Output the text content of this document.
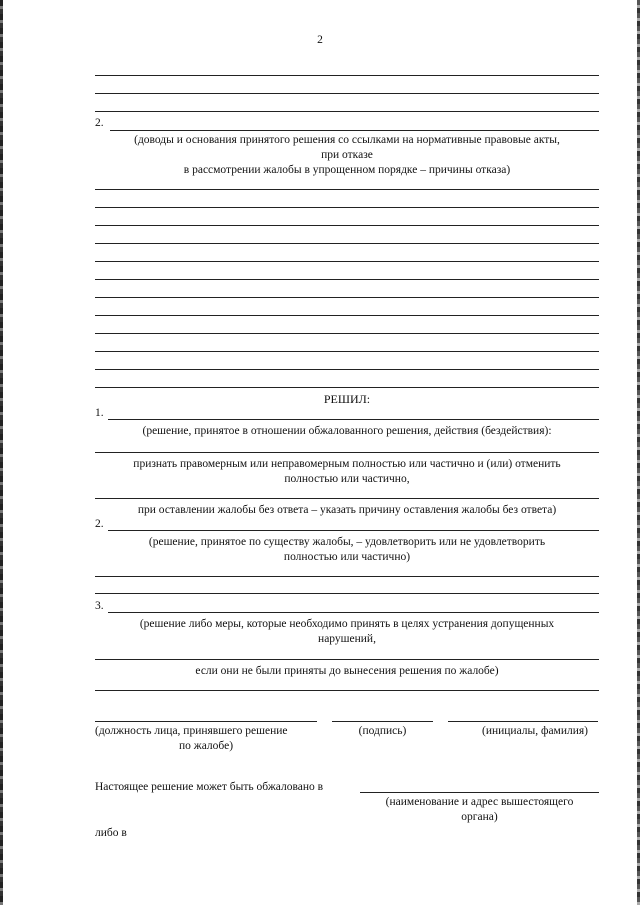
2
2.
(доводы и основания принятого решения со ссылками на нормативные правовые акты,
при отказе
в рассмотрении жалобы в упрощенном порядке – причины отказа)
РЕШИЛ:
1.
(решение, принятое в отношении обжалованного решения, действия (бездействия):
признать правомерным или неправомерным полностью или частично и (или) отменить
полностью или частично,
при оставлении жалобы без ответа – указать причину оставления жалобы без ответа)
2.
(решение, принятое по существу жалобы, – удовлетворить или не удовлетворить
полностью или частично)
3.
(решение либо меры, которые необходимо принять в целях устранения допущенных
нарушений,
если они не были приняты до вынесения решения по жалобе)
(должность лица, принявшего решение
по жалобе)
(подпись)	(инициалы, фамилия)
Настоящее решение может быть обжаловано в
(наименование и адрес вышестоящего
органа)
либо в
